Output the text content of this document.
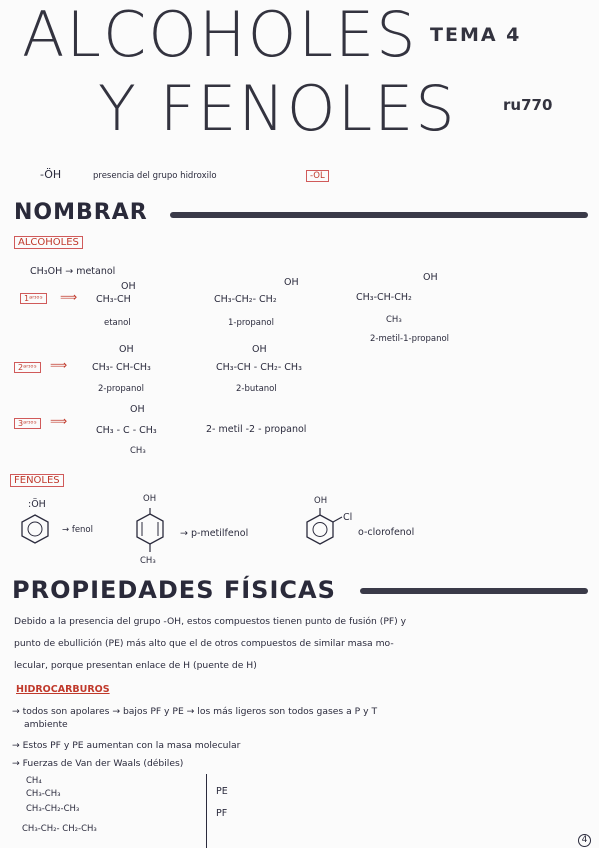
ALCOHOLES
Y FENOLES
TEMA 4
ru770
-ÖH	presencia del grupo hidroxilo	-OL
NOMBRAR
ALCOHOLES
CH₃OH → metanol
1ᵃʳᶦᵒˢ	⟹
OH
CH₃-CH
etanol
OH
CH₃-CH₂- CH₂
1-propanol
OH
CH₃-CH-CH₂
CH₃
2-metil-1-propanol
2ᵃʳᶦᵒˢ	⟹
OH
CH₃- CH-CH₃
2-propanol
OH
CH₃-CH - CH₂- CH₃
2-butanol
3ᵃʳᶦᵒˢ	⟹
OH
CH₃ - C - CH₃
CH₃
2- metil -2 - propanol
FENOLES
:ÖH
→ fenol
OH
CH₃
→ p-metilfenol
OH
Cl
o-clorofenol
PROPIEDADES FÍSICAS
Debido a la presencia del grupo -OH, estos compuestos tienen punto de fusión (PF) y
punto de ebullición (PE) más alto que el de otros compuestos de similar masa mo-
lecular, porque presentan enlace de H (puente de H)
HIDROCARBUROS
→ todos son apolares → bajos PF y PE → los más ligeros son todos gases a P y T
ambiente
→ Estos PF y PE aumentan con la masa molecular
→ Fuerzas de Van der Waals (débiles)
CH₄
CH₃-CH₃
CH₃-CH₂-CH₃
CH₃-CH₂- CH₂-CH₃
PE
PF
4
